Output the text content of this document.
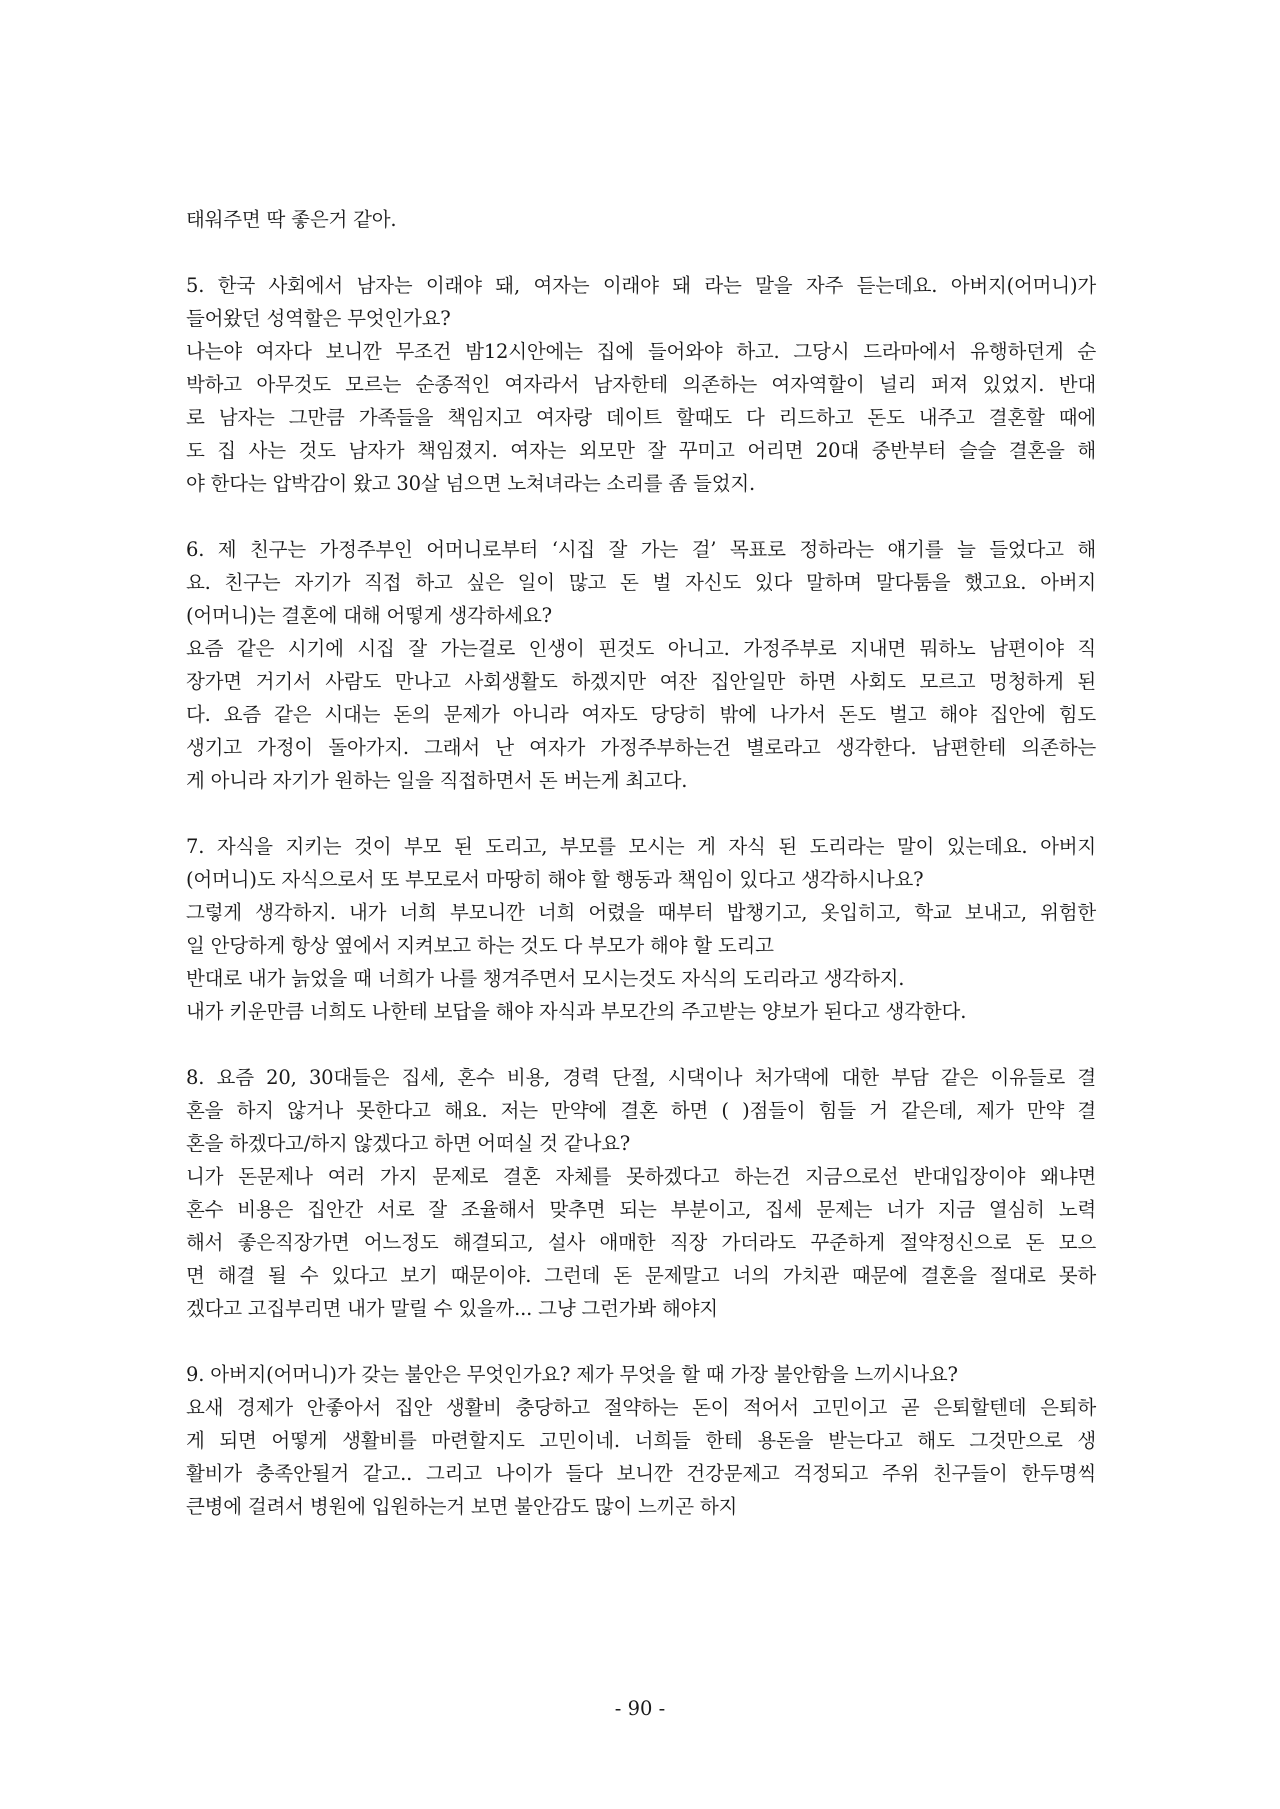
태워주면 딱 좋은거 같아.
5. 한국 사회에서 남자는 이래야 돼, 여자는 이래야 돼 라는 말을 자주 듣는데요. 아버지(어머니)가
들어왔던 성역할은 무엇인가요?
나는야 여자다 보니깐 무조건 밤12시안에는 집에 들어와야 하고. 그당시 드라마에서 유행하던게 순
박하고 아무것도 모르는 순종적인 여자라서 남자한테 의존하는 여자역할이 널리 퍼져 있었지. 반대
로 남자는 그만큼 가족들을 책임지고 여자랑 데이트 할때도 다 리드하고 돈도 내주고 결혼할 때에
도 집 사는 것도 남자가 책임졌지. 여자는 외모만 잘 꾸미고 어리면 20대 중반부터 슬슬 결혼을 해
야 한다는 압박감이 왔고 30살 넘으면 노쳐녀라는 소리를 좀 들었지.
6. 제 친구는 가정주부인 어머니로부터 ‘시집 잘 가는 걸’ 목표로 정하라는 얘기를 늘 들었다고 해
요. 친구는 자기가 직접 하고 싶은 일이 많고 돈 벌 자신도 있다 말하며 말다툼을 했고요. 아버지
(어머니)는 결혼에 대해 어떻게 생각하세요?
요즘 같은 시기에 시집 잘 가는걸로 인생이 핀것도 아니고. 가정주부로 지내면 뭐하노 남편이야 직
장가면 거기서 사람도 만나고 사회생활도 하겠지만 여잔 집안일만 하면 사회도 모르고 멍청하게 된
다. 요즘 같은 시대는 돈의 문제가 아니라 여자도 당당히 밖에 나가서 돈도 벌고 해야 집안에 힘도
생기고 가정이 돌아가지. 그래서 난 여자가 가정주부하는건 별로라고 생각한다. 남편한테 의존하는
게 아니라 자기가 원하는 일을 직접하면서 돈 버는게 최고다.
7. 자식을 지키는 것이 부모 된 도리고, 부모를 모시는 게 자식 된 도리라는 말이 있는데요. 아버지
(어머니)도 자식으로서 또 부모로서 마땅히 해야 할 행동과 책임이 있다고 생각하시나요?
그렇게 생각하지. 내가 너희 부모니깐 너희 어렸을 때부터 밥챙기고, 옷입히고, 학교 보내고, 위험한
일 안당하게 항상 옆에서 지켜보고 하는 것도 다 부모가 해야 할 도리고
반대로 내가 늙었을 때 너희가 나를 챙겨주면서 모시는것도 자식의 도리라고 생각하지.
내가 키운만큼 너희도 나한테 보답을 해야 자식과 부모간의 주고받는 양보가 된다고 생각한다.
8. 요즘 20, 30대들은 집세, 혼수 비용, 경력 단절, 시댁이나 처가댁에 대한 부담 같은 이유들로 결
혼을 하지 않거나 못한다고 해요. 저는 만약에 결혼 하면 ( )점들이 힘들 거 같은데, 제가 만약 결
혼을 하겠다고/하지 않겠다고 하면 어떠실 것 같나요?
니가 돈문제나 여러 가지 문제로 결혼 자체를 못하겠다고 하는건 지금으로선 반대입장이야 왜냐면
혼수 비용은 집안간 서로 잘 조율해서 맞추면 되는 부분이고, 집세 문제는 너가 지금 열심히 노력
해서 좋은직장가면 어느정도 해결되고, 설사 애매한 직장 가더라도 꾸준하게 절약정신으로 돈 모으
면 해결 될 수 있다고 보기 때문이야. 그런데 돈 문제말고 너의 가치관 때문에 결혼을 절대로 못하
겠다고 고집부리면 내가 말릴 수 있을까... 그냥 그런가봐 해야지
9. 아버지(어머니)가 갖는 불안은 무엇인가요? 제가 무엇을 할 때 가장 불안함을 느끼시나요?
요새 경제가 안좋아서 집안 생활비 충당하고 절약하는 돈이 적어서 고민이고 곧 은퇴할텐데 은퇴하
게 되면 어떻게 생활비를 마련할지도 고민이네. 너희들 한테 용돈을 받는다고 해도 그것만으로 생
활비가 충족안될거 같고.. 그리고 나이가 들다 보니깐 건강문제고 걱정되고 주위 친구들이 한두명씩
큰병에 걸려서 병원에 입원하는거 보면 불안감도 많이 느끼곤 하지
- 90 -
